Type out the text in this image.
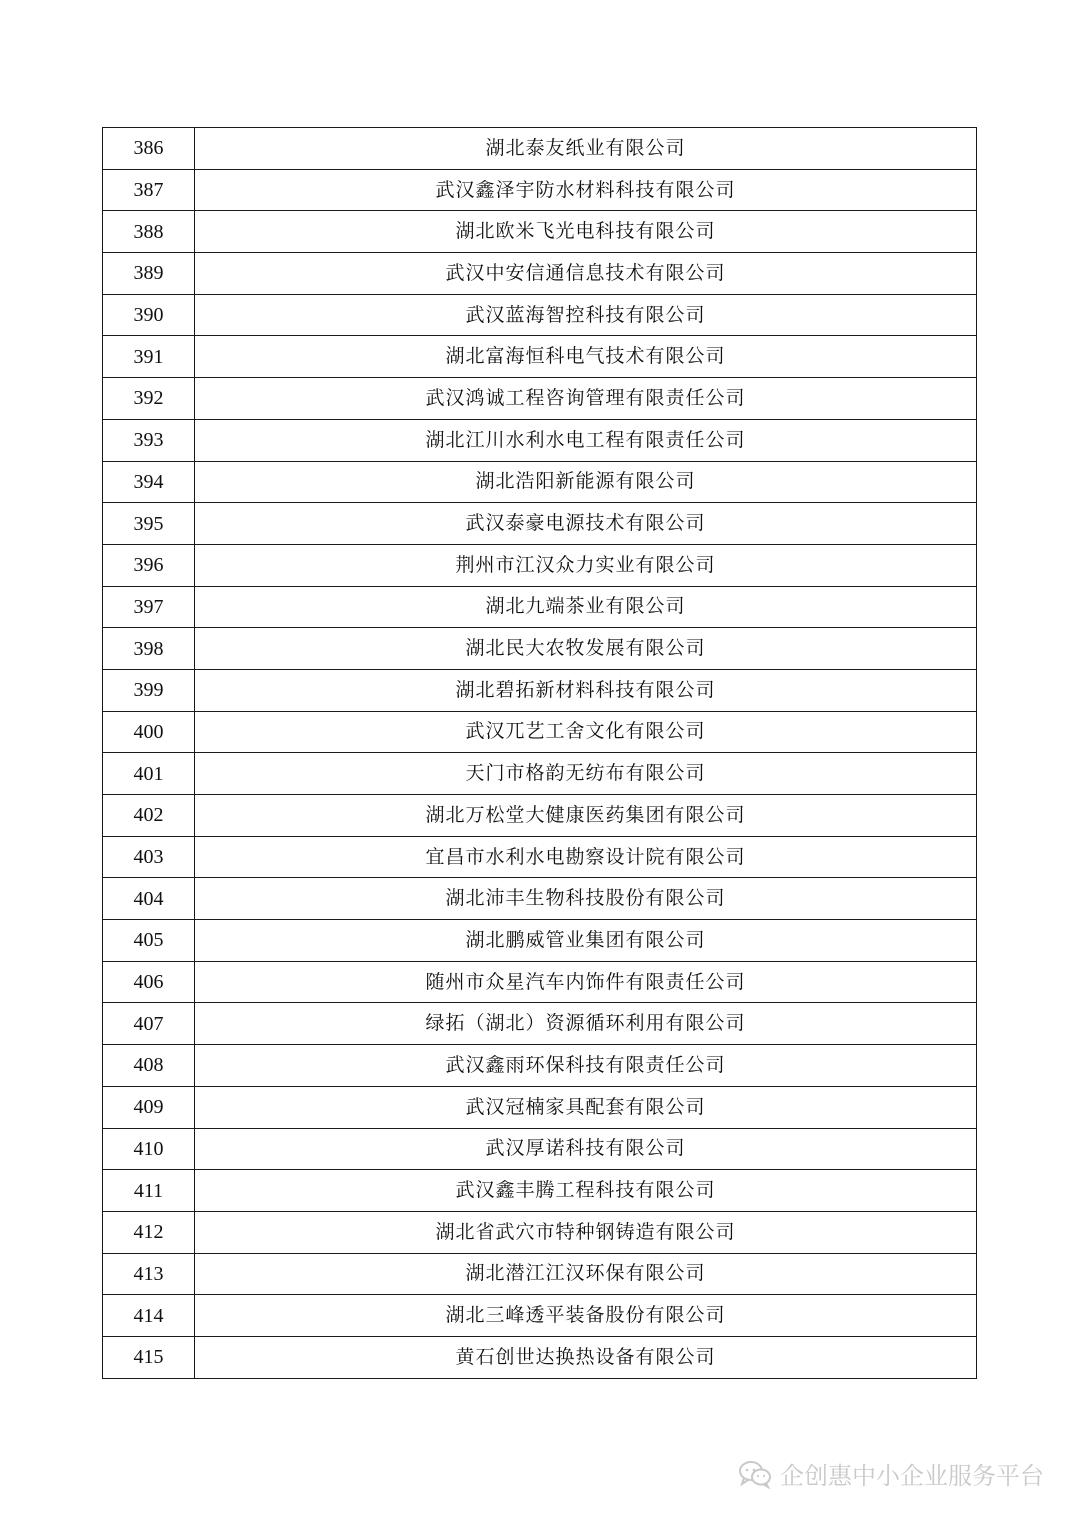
386	湖北泰友纸业有限公司
387	武汉鑫泽宇防水材料科技有限公司
388	湖北欧米飞光电科技有限公司
389	武汉中安信通信息技术有限公司
390	武汉蓝海智控科技有限公司
391	湖北富海恒科电气技术有限公司
392	武汉鸿诚工程咨询管理有限责任公司
393	湖北江川水利水电工程有限责任公司
394	湖北浩阳新能源有限公司
395	武汉泰豪电源技术有限公司
396	荆州市江汉众力实业有限公司
397	湖北九端茶业有限公司
398	湖北民大农牧发展有限公司
399	湖北碧拓新材料科技有限公司
400	武汉兀艺工舍文化有限公司
401	天门市格韵无纺布有限公司
402	湖北万松堂大健康医药集团有限公司
403	宜昌市水利水电勘察设计院有限公司
404	湖北沛丰生物科技股份有限公司
405	湖北鹏威管业集团有限公司
406	随州市众星汽车内饰件有限责任公司
407	绿拓（湖北）资源循环利用有限公司
408	武汉鑫雨环保科技有限责任公司
409	武汉冠楠家具配套有限公司
410	武汉厚诺科技有限公司
411	武汉鑫丰腾工程科技有限公司
412	湖北省武穴市特种钢铸造有限公司
413	湖北潜江江汉环保有限公司
414	湖北三峰透平装备股份有限公司
415	黄石创世达换热设备有限公司
企创惠中小企业服务平台
